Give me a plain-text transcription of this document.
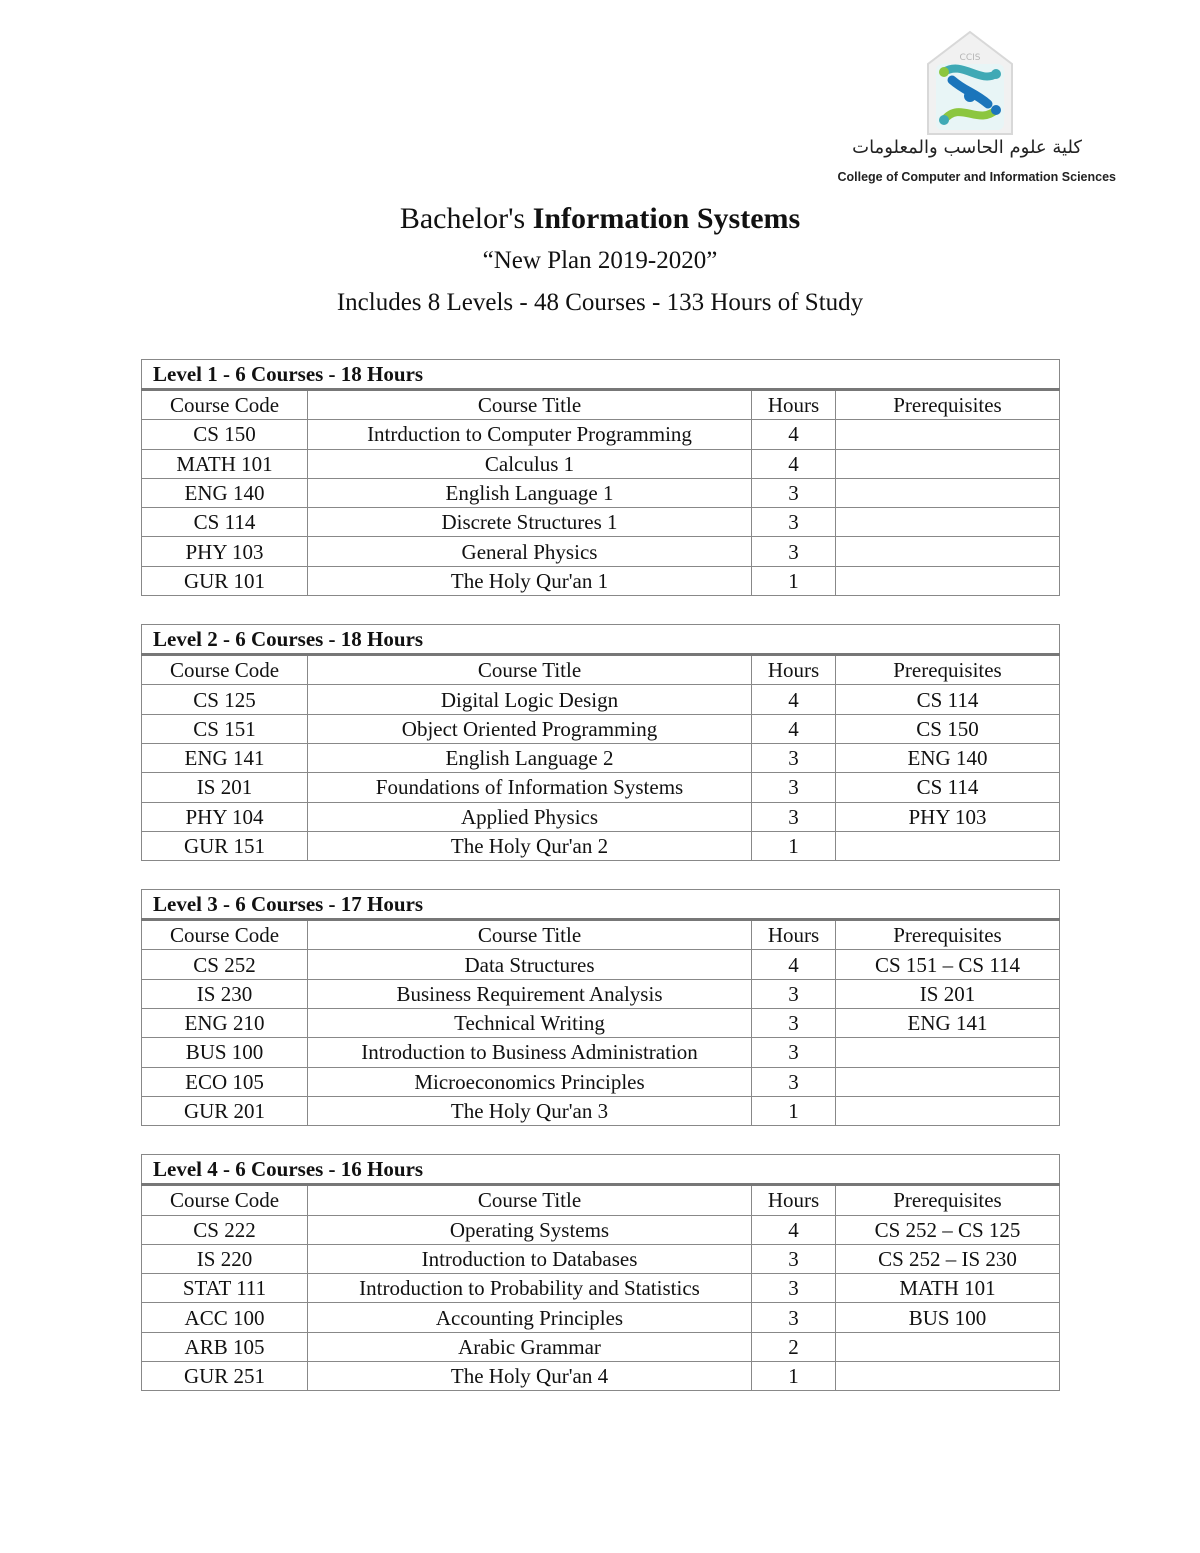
CCIS
كلية علوم الحاسب والمعلومات
College of Computer and Information Sciences
Bachelor's Information Systems
“New Plan 2019-2020”
Includes 8 Levels - 48 Courses - 133 Hours of Study
Level 1 - 6 Courses - 18 Hours			
Course Code	Course Title	Hours	Prerequisites
CS 150	Intrduction to Computer Programming	4	
MATH 101	Calculus 1	4	
ENG 140	English Language 1	3	
CS 114	Discrete Structures 1	3	
PHY 103	General Physics	3	
GUR 101	The Holy Qur'an 1	1	
Level 2 - 6 Courses - 18 Hours			
Course Code	Course Title	Hours	Prerequisites
CS 125	Digital Logic Design	4	CS 114
CS 151	Object Oriented Programming	4	CS 150
ENG 141	English Language 2	3	ENG 140
IS 201	Foundations of Information Systems	3	CS 114
PHY 104	Applied Physics	3	PHY 103
GUR 151	The Holy Qur'an 2	1	
Level 3 - 6 Courses - 17 Hours			
Course Code	Course Title	Hours	Prerequisites
CS 252	Data Structures	4	CS 151 – CS 114
IS 230	Business Requirement Analysis	3	IS 201
ENG 210	Technical Writing	3	ENG 141
BUS 100	Introduction to Business Administration	3	
ECO 105	Microeconomics Principles	3	
GUR 201	The Holy Qur'an 3	1	
Level 4 - 6 Courses - 16 Hours			
Course Code	Course Title	Hours	Prerequisites
CS 222	Operating Systems	4	CS 252 – CS 125
IS 220	Introduction to Databases	3	CS 252 – IS 230
STAT 111	Introduction to Probability and Statistics	3	MATH 101
ACC 100	Accounting Principles	3	BUS 100
ARB 105	Arabic Grammar	2	
GUR 251	The Holy Qur'an 4	1	
